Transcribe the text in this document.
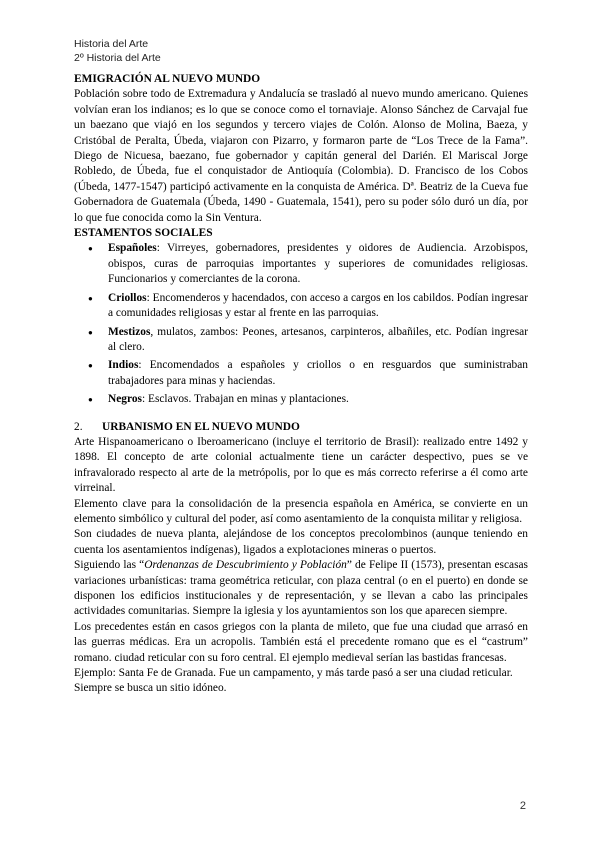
Historia del Arte
2º Historia del Arte

EMIGRACIÓN AL NUEVO MUNDO

Población sobre todo de Extremadura y Andalucía se trasladó al nuevo mundo americano. Quienes volvían eran los indianos; es lo que se conoce como el tornaviaje. Alonso Sánchez de Carvajal fue un baezano que viajó en los segundos y tercero viajes de Colón. Alonso de Molina, Baeza, y Cristóbal de Peralta, Úbeda, viajaron con Pizarro, y formaron parte de “Los Trece de la Fama”. Diego de Nicuesa, baezano, fue gobernador y capitán general del Darién. El Mariscal Jorge Robledo, de Úbeda, fue el conquistador de Antioquía (Colombia). D. Francisco de los Cobos (Úbeda, 1477-1547) participó activamente en la conquista de América. Dª. Beatriz de la Cueva fue Gobernadora de Guatemala (Úbeda, 1490 - Guatemala, 1541), pero su poder sólo duró un día, por lo que fue conocida como la Sin Ventura.

ESTAMENTOS SOCIALES

● Españoles: Virreyes, gobernadores, presidentes y oidores de Audiencia. Arzobispos, obispos, curas de parroquias importantes y superiores de comunidades religiosas. Funcionarios y comerciantes de la corona.
● Criollos: Encomenderos y hacendados, con acceso a cargos en los cabildos. Podían ingresar a comunidades religiosas y estar al frente en las parroquias.
● Mestizos, mulatos, zambos: Peones, artesanos, carpinteros, albañiles, etc. Podían ingresar al clero.
● Indios: Encomendados a españoles y criollos o en resguardos que suministraban trabajadores para minas y haciendas.
● Negros: Esclavos. Trabajan en minas y plantaciones.
2.	URBANISMO EN EL NUEVO MUNDO

Arte Hispanoamericano o Iberoamericano (incluye el territorio de Brasil): realizado entre 1492 y 1898. El concepto de arte colonial actualmente tiene un carácter despectivo, pues se ve infravalorado respecto al arte de la metrópolis, por lo que es más correcto referirse a él como arte virreinal.

Elemento clave para la consolidación de la presencia española en América, se convierte en un elemento simbólico y cultural del poder, así como asentamiento de la conquista militar y religiosa.

Son ciudades de nueva planta, alejándose de los conceptos precolombinos (aunque teniendo en cuenta los asentamientos indígenas), ligados a explotaciones mineras o puertos.

Siguiendo las “Ordenanzas de Descubrimiento y Población” de Felipe II (1573), presentan escasas variaciones urbanísticas: trama geométrica reticular, con plaza central (o en el puerto) en donde se disponen los edificios institucionales y de representación, y se llevan a cabo las principales actividades comunitarias. Siempre la iglesia y los ayuntamientos son los que aparecen siempre.

Los precedentes están en casos griegos con la planta de mileto, que fue una ciudad que arrasó en las guerras médicas. Era un acropolis. También está el precedente romano que es el “castrum” romano. ciudad reticular con su foro central. El ejemplo medieval serían las bastidas francesas.

Ejemplo: Santa Fe de Granada. Fue un campamento, y más tarde pasó a ser una ciudad reticular.

Siempre se busca un sitio idóneo.

2
